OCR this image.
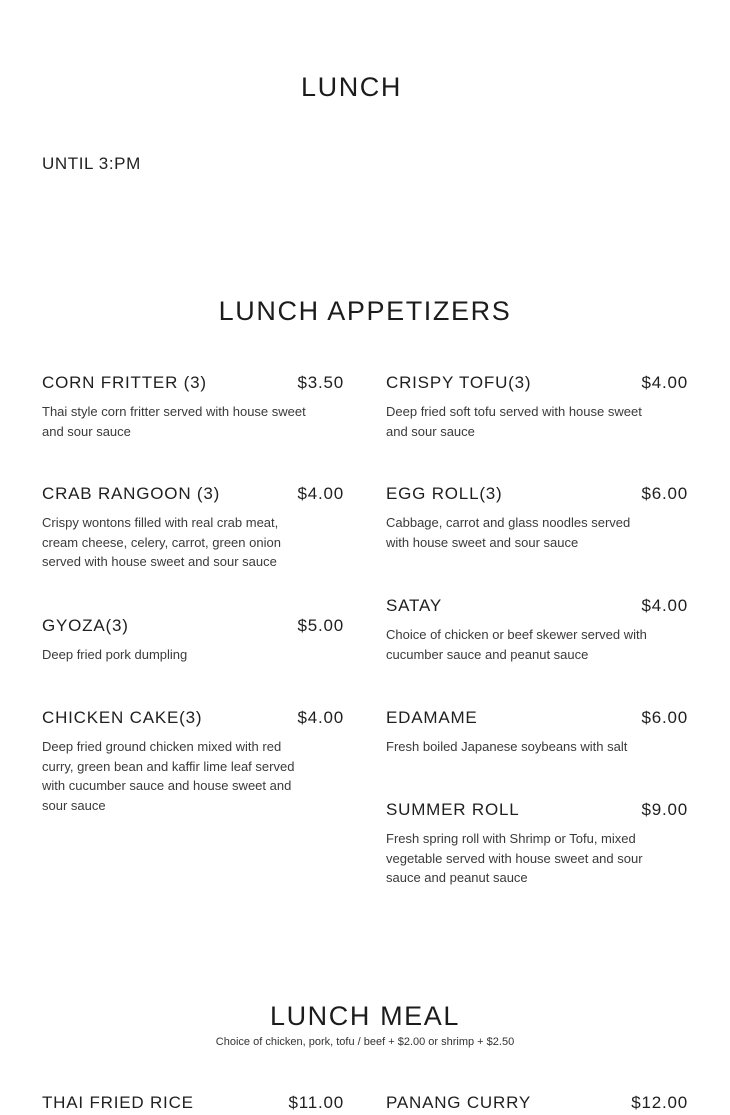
LUNCH
UNTIL 3:PM
LUNCH APPETIZERS
CORN FRITTER (3)	$3.50
Thai style corn fritter served with house sweet and sour sauce
CRAB RANGOON (3)	$4.00
Crispy wontons filled with real crab meat, cream cheese, celery, carrot, green onion served with house sweet and sour sauce
GYOZA(3)	$5.00
Deep fried pork dumpling
CHICKEN CAKE(3)	$4.00
Deep fried ground chicken mixed with red curry, green bean and kaffir lime leaf served with cucumber sauce and house sweet and sour sauce
CRISPY TOFU(3)	$4.00
Deep fried soft tofu served with house sweet and sour sauce
EGG ROLL(3)	$6.00
Cabbage, carrot and glass noodles served with house sweet and sour sauce
SATAY	$4.00
Choice of chicken or beef skewer served with cucumber sauce and peanut sauce
EDAMAME	$6.00
Fresh boiled Japanese soybeans with salt
SUMMER ROLL	$9.00
Fresh spring roll with Shrimp or Tofu, mixed vegetable served with house sweet and sour sauce and peanut sauce
LUNCH MEAL
Choice of chicken, pork, tofu / beef + $2.00 or shrimp + $2.50
THAI FRIED RICE	$11.00 PANANG CURRY	$12.00
